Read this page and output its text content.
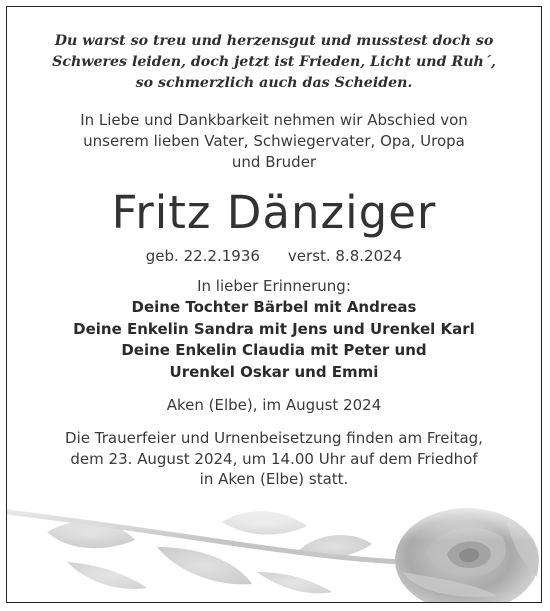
Du warst so treu und herzensgut und musstest doch so
Schweres leiden, doch jetzt ist Frieden, Licht und Ruh´,
so schmerzlich auch das Scheiden.
In Liebe und Dankbarkeit nehmen wir Abschied von
unserem lieben Vater, Schwiegervater, Opa, Uropa
und Bruder
Fritz Dänziger
geb. 22.2.1936 verst. 8.8.2024
In lieber Erinnerung:
Deine Tochter Bärbel mit Andreas
Deine Enkelin Sandra mit Jens und Urenkel Karl
Deine Enkelin Claudia mit Peter und
Urenkel Oskar und Emmi
Aken (Elbe), im August 2024
Die Trauerfeier und Urnenbeisetzung finden am Freitag,
dem 23. August 2024, um 14.00 Uhr auf dem Friedhof
in Aken (Elbe) statt.
